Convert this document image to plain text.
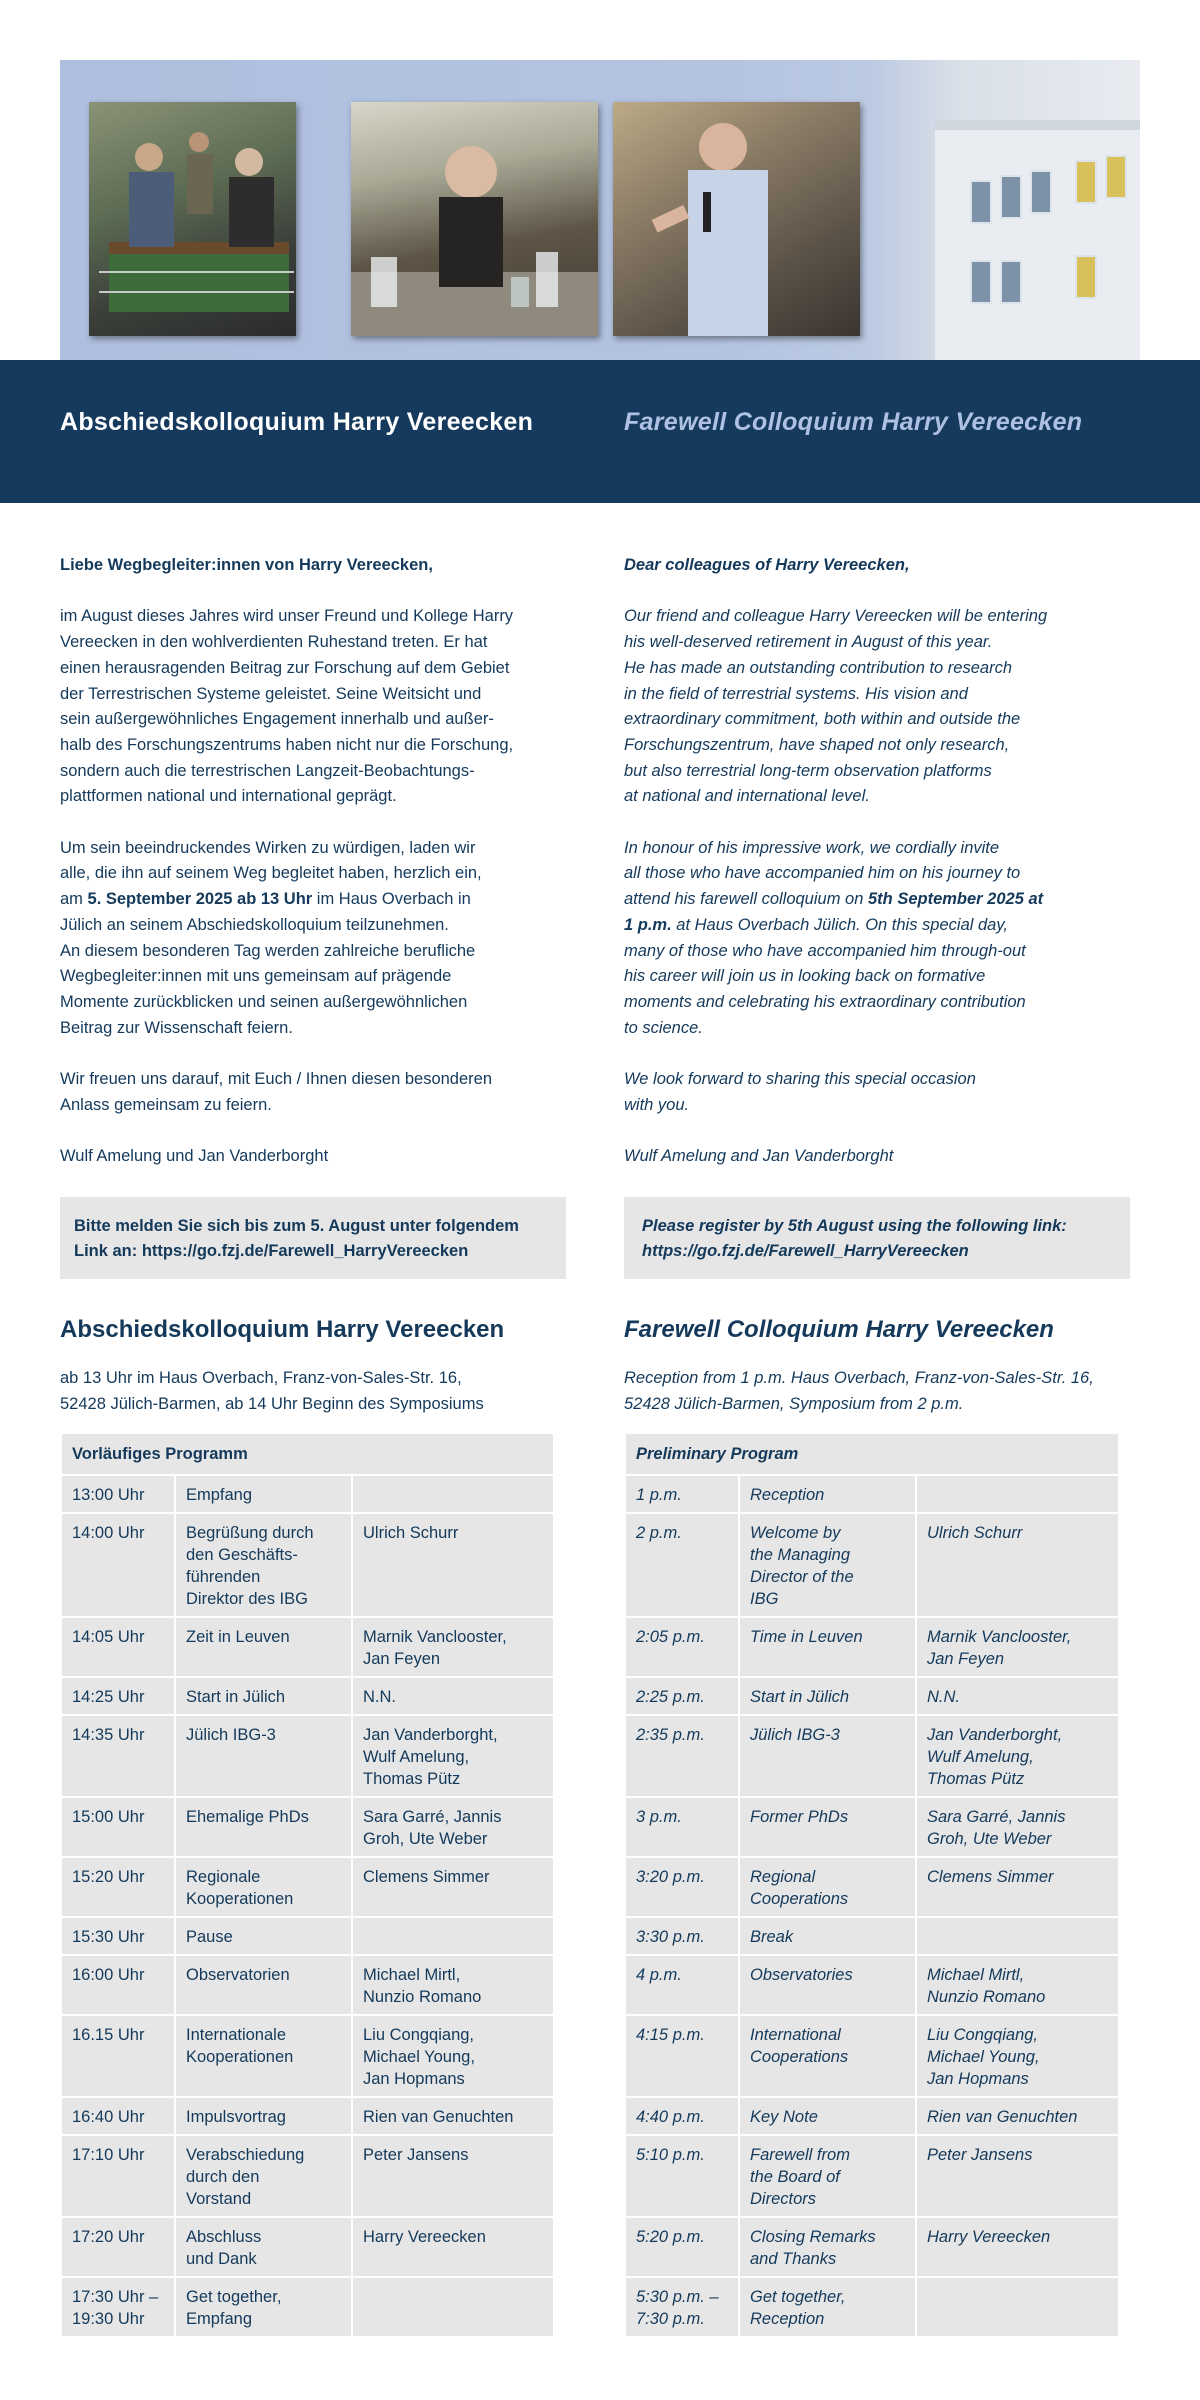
Abschiedskolloquium Harry Vereecken	Farewell Colloquium Harry Vereecken

Liebe Wegbegleiter:innen von Harry Vereecken,

im August dieses Jahres wird unser Freund und Kollege Harry
Vereecken in den wohlverdienten Ruhestand treten. Er hat
einen herausragenden Beitrag zur Forschung auf dem Gebiet
der Terrestrischen Systeme geleistet. Seine Weitsicht und
sein außergewöhnliches Engagement innerhalb und außer-
halb des Forschungszentrums haben nicht nur die Forschung,
sondern auch die terrestrischen Langzeit-Beobachtungs-
plattformen national und international geprägt.

Um sein beeindruckendes Wirken zu würdigen, laden wir
alle, die ihn auf seinem Weg begleitet haben, herzlich ein,
am 5. September 2025 ab 13 Uhr im Haus Overbach in
Jülich an seinem Abschiedskolloquium teilzunehmen.
An diesem besonderen Tag werden zahlreiche berufliche
Wegbegleiter:innen mit uns gemeinsam auf prägende
Momente zurückblicken und seinen außergewöhnlichen
Beitrag zur Wissenschaft feiern.

Wir freuen uns darauf, mit Euch / Ihnen diesen besonderen
Anlass gemeinsam zu feiern.

Wulf Amelung und Jan Vanderborght

Dear colleagues of Harry Vereecken,

Our friend and colleague Harry Vereecken will be entering
his well-deserved retirement in August of this year.
He has made an outstanding contribution to research
in the field of terrestrial systems. His vision and
extraordinary commitment, both within and outside the
Forschungszentrum, have shaped not only research,
but also terrestrial long-term observation platforms
at national and international level.

In honour of his impressive work, we cordially invite
all those who have accompanied him on his journey to
attend his farewell colloquium on 5th September 2025 at
1 p.m. at Haus Overbach Jülich. On this special day,
many of those who have accompanied him through-out
his career will join us in looking back on formative
moments and celebrating his extraordinary contribution
to science.

We look forward to sharing this special occasion
with you.

Wulf Amelung and Jan Vanderborght

Bitte melden Sie sich bis zum 5. August unter folgendem
Link an: https://go.fzj.de/Farewell_HarryVereecken
Please register by 5th August using the following link:
https://go.fzj.de/Farewell_HarryVereecken
Abschiedskolloquium Harry Vereecken	Farewell Colloquium Harry Vereecken
ab 13 Uhr im Haus Overbach, Franz-von-Sales-Str. 16,
52428 Jülich-Barmen, ab 14 Uhr Beginn des Symposiums
Reception from 1 p.m. Haus Overbach, Franz-von-Sales-Str. 16,
52428 Jülich-Barmen, Symposium from 2 p.m.
Vorläufiges Programm		
13:00 Uhr	Empfang	
14:00 Uhr	Begrüßung durch
den Geschäfts-
führenden
Direktor des IBG	Ulrich Schurr
14:05 Uhr	Zeit in Leuven	Marnik Vanclooster,
Jan Feyen
14:25 Uhr	Start in Jülich	N.N.
14:35 Uhr	Jülich IBG-3	Jan Vanderborght,
Wulf Amelung,
Thomas Pütz
15:00 Uhr	Ehemalige PhDs	Sara Garré, Jannis
Groh, Ute Weber
15:20 Uhr	Regionale
Kooperationen	Clemens Simmer
15:30 Uhr	Pause	
16:00 Uhr	Observatorien	Michael Mirtl,
Nunzio Romano
16.15 Uhr	Internationale
Kooperationen	Liu Congqiang,
Michael Young,
Jan Hopmans
16:40 Uhr	Impulsvortrag	Rien van Genuchten
17:10 Uhr	Verabschiedung
durch den
Vorstand	Peter Jansens
17:20 Uhr	Abschluss
und Dank	Harry Vereecken
17:30 Uhr –
19:30 Uhr	Get together,
Empfang	
Preliminary Program		
1 p.m.	Reception	
2 p.m.	Welcome by
the Managing
Director of the
IBG	Ulrich Schurr
2:05 p.m.	Time in Leuven	Marnik Vanclooster,
Jan Feyen
2:25 p.m.	Start in Jülich	N.N.
2:35 p.m.	Jülich IBG-3	Jan Vanderborght,
Wulf Amelung,
Thomas Pütz
3 p.m.	Former PhDs	Sara Garré, Jannis
Groh, Ute Weber
3:20 p.m.	Regional
Cooperations	Clemens Simmer
3:30 p.m.	Break	
4 p.m.	Observatories	Michael Mirtl,
Nunzio Romano
4:15 p.m.	International
Cooperations	Liu Congqiang,
Michael Young,
Jan Hopmans
4:40 p.m.	Key Note	Rien van Genuchten
5:10 p.m.	Farewell from
the Board of
Directors	Peter Jansens
5:20 p.m.	Closing Remarks
and Thanks	Harry Vereecken
5:30 p.m. –
7:30 p.m.	Get together,
Reception	
